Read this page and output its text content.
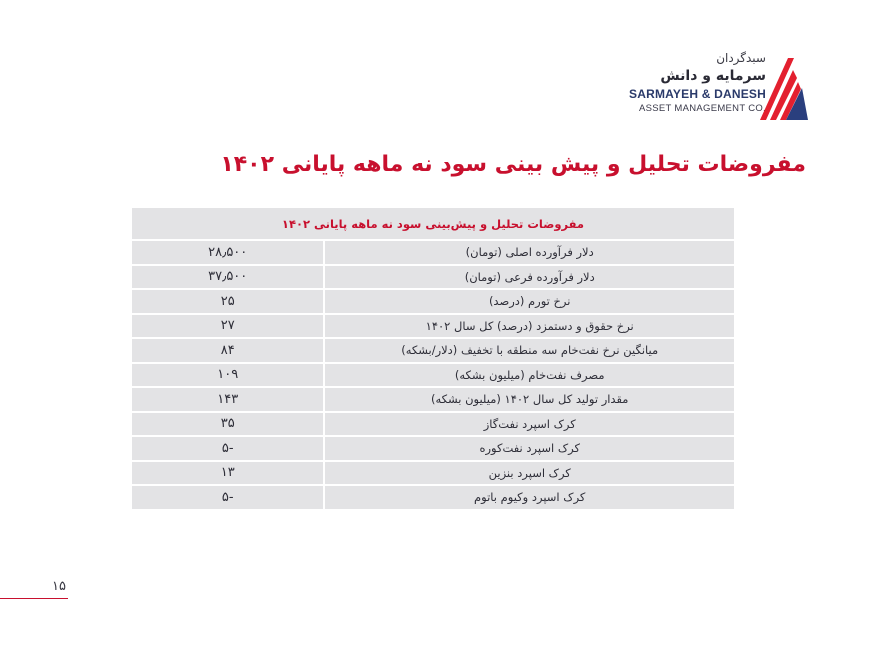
سبدگردان
سرمایه و دانش
SARMAYEH & DANESH
ASSET MANAGEMENT CO.
مفروضات تحلیل و پیش بینی سود نه ماهه پایانی ۱۴۰۲
مفروضات تحلیل و پیش‌بینی سود نه ماهه پایانی ۱۴۰۲	
دلار فرآورده اصلی (تومان)	۲۸٫۵۰۰
دلار فرآورده فرعی (تومان)	۳۷٫۵۰۰
نرخ تورم (درصد)	۲۵
نرخ حقوق و دستمزد (درصد) کل سال ۱۴۰۲	۲۷
میانگین نرخ نفت‌خام سه منطقه با تخفیف (دلار/بشکه)	۸۴
مصرف نفت‌خام (میلیون بشکه)	۱۰۹
مقدار تولید کل سال ۱۴۰۲ (میلیون بشکه)	۱۴۳
کرک اسپرد نفت‌گاز	۳۵
کرک اسپرد نفت‌کوره	-۵
کرک اسپرد بنزین	۱۳
کرک اسپرد وکیوم باتوم	-۵
۱۵
